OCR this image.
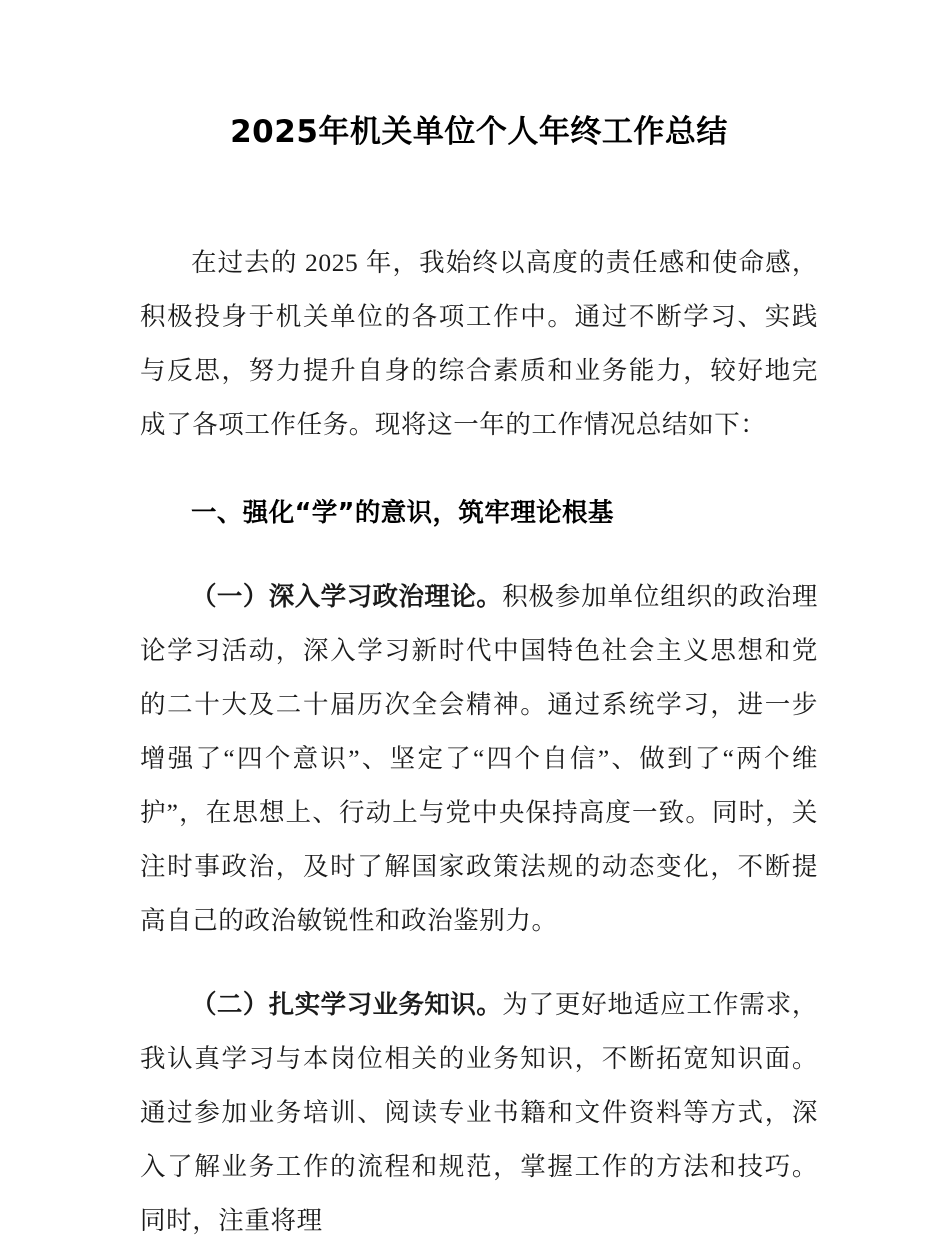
2025年机关单位个人年终工作总结

在过去的 2025 年，我始终以高度的责任感和使命感，积极投身于机关单位的各项工作中。通过不断学习、实践与反思，努力提升自身的综合素质和业务能力，较好地完成了各项工作任务。现将这一年的工作情况总结如下：

一、强化“学”的意识，筑牢理论根基

（一）深入学习政治理论。积极参加单位组织的政治理论学习活动，深入学习新时代中国特色社会主义思想和党的二十大及二十届历次全会精神。通过系统学习，进一步增强了“四个意识”、坚定了“四个自信”、做到了“两个维护”，在思想上、行动上与党中央保持高度一致。同时，关注时事政治，及时了解国家政策法规的动态变化，不断提高自己的政治敏锐性和政治鉴别力。

（二）扎实学习业务知识。为了更好地适应工作需求，我认真学习与本岗位相关的业务知识，不断拓宽知识面。通过参加业务培训、阅读专业书籍和文件资料等方式，深入了解业务工作的流程和规范，掌握工作的方法和技巧。同时，注重将理
